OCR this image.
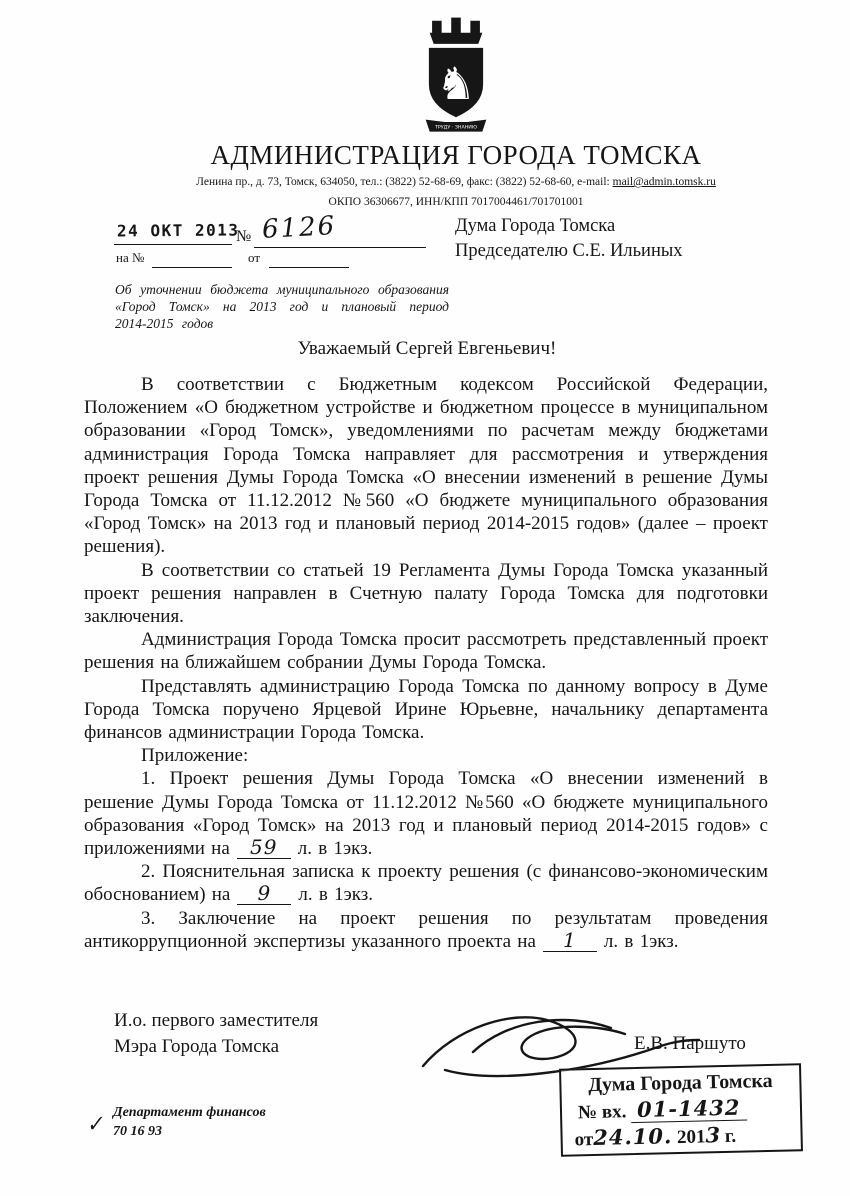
♞
ТРУДУ · ЗНАНИЮ
АДМИНИСТРАЦИЯ ГОРОДА ТОМСКА
Ленина пр., д. 73, Томск, 634050, тел.: (3822) 52-68-69, факс: (3822) 52-68-60, e-mail: mail@admin.tomsk.ru
ОКПО 36306677, ИНН/КПП 7017004461/701701001
24 ОКТ 2013
№ 6126
на №	от
Дума Города Томска
Председателю С.Е. Ильиных
Об уточнении бюджета муниципального образования «Город Томск» на 2013 год и плановый период 2014-2015 годов
Уважаемый Сергей Евгеньевич!

В соответствии с Бюджетным кодексом Российской Федерации, Положением «О бюджетном устройстве и бюджетном процессе в муниципальном образовании «Город Томск», уведомлениями по расчетам между бюджетами администрация Города Томска направляет для рассмотрения и утверждения проект решения Думы Города Томска «О внесении изменений в решение Думы Города Томска от 11.12.2012 №560 «О бюджете муниципального образования «Город Томск» на 2013 год и плановый период 2014-2015 годов» (далее – проект решения).

В соответствии со статьей 19 Регламента Думы Города Томска указанный проект решения направлен в Счетную палату Города Томска для подготовки заключения.

Администрация Города Томска просит рассмотреть представленный проект решения на ближайшем собрании Думы Города Томска.

Представлять администрацию Города Томска по данному вопросу в Думе Города Томска поручено Ярцевой Ирине Юрьевне, начальнику департамента финансов администрации Города Томска.

Приложение:

1. Проект решения Думы Города Томска «О внесении изменений в решение Думы Города Томска от 11.12.2012 №560 «О бюджете муниципального образования «Город Томск» на 2013 год и плановый период 2014-2015 годов» с приложениями на 59 л. в 1экз.

2. Пояснительная записка к проекту решения (с финансово-экономическим обоснованием) на 9 л. в 1экз.

3. Заключение на проект решения по результатам проведения антикоррупционной экспертизы указанного проекта на 1 л. в 1экз.

И.о. первого заместителя
Мэра Города Томска	Е.В. Паршуто
✓ Департамент финансов
70 16 93
Дума Города Томска
№ вх. 01-1432
от24.10. 2013 г.
